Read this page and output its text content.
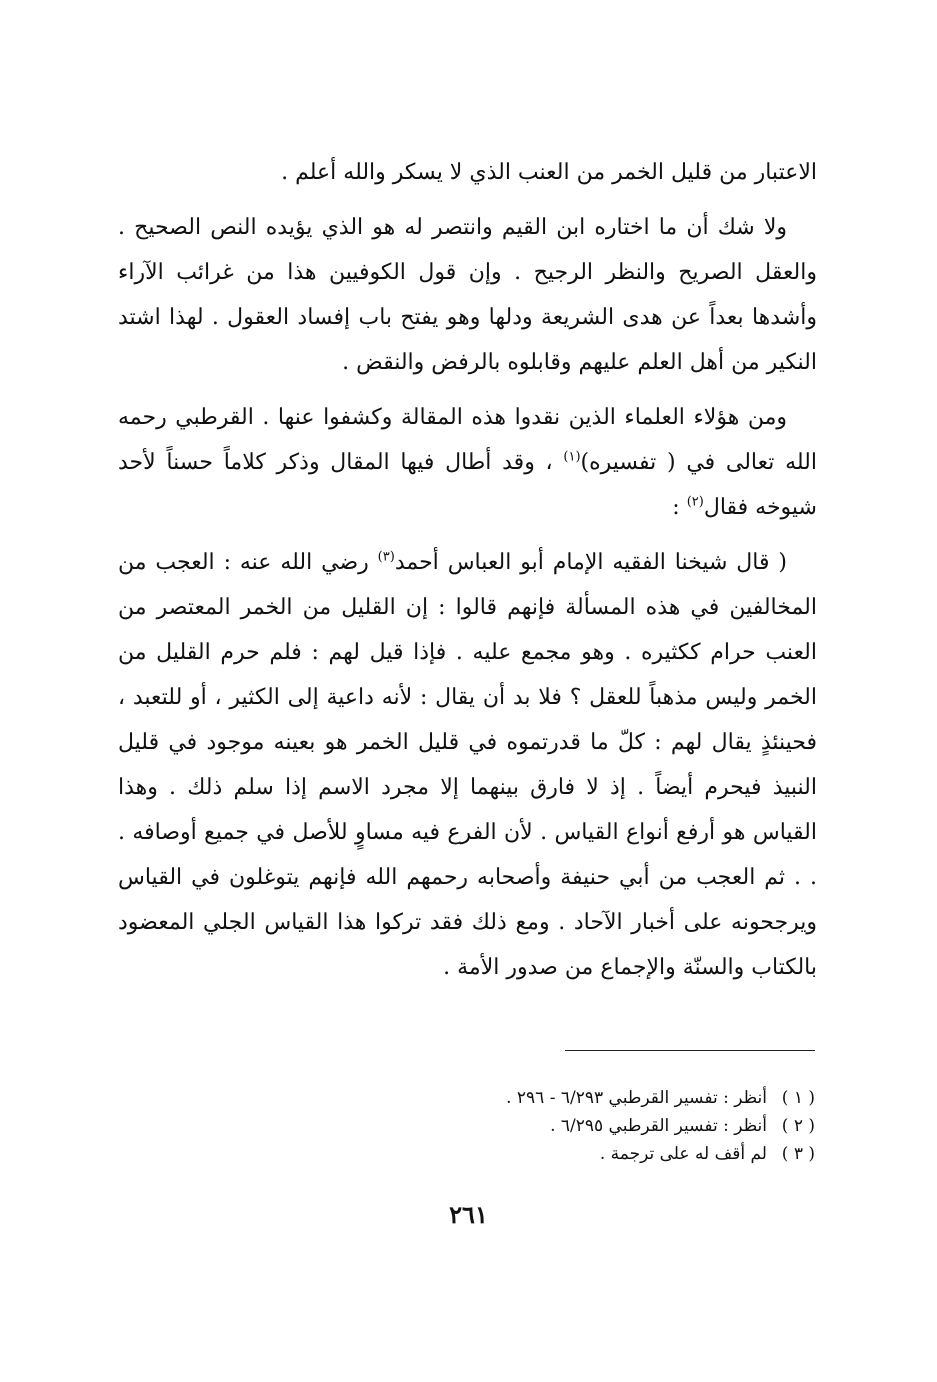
الاعتبار من قليل الخمر من العنب الذي لا يسكر والله أعلم .

ولا شك أن ما اختاره ابن القيم وانتصر له هو الذي يؤيده النص الصحيح . والعقل الصريح والنظر الرجيح . وإن قول الكوفيين هذا من غرائب الآراء وأشدها بعداً عن هدى الشريعة ودلها وهو يفتح باب إفساد العقول . لهذا اشتد النكير من أهل العلم عليهم وقابلوه بالرفض والنقض .

ومن هؤلاء العلماء الذين نقدوا هذه المقالة وكشفوا عنها . القرطبي رحمه الله تعالى في ( تفسيره)$^{(١)}$ ، وقد أطال فيها المقال وذكر كلاماً حسناً لأحد شيوخه فقال$^{(٢)}$ :

( قال شيخنا الفقيه الإمام أبو العباس أحمد$^{(٣)}$ رضي الله عنه : العجب من المخالفين في هذه المسألة فإنهم قالوا : إن القليل من الخمر المعتصر من العنب حرام ككثيره . وهو مجمع عليه . فإذا قيل لهم : فلم حرم القليل من الخمر وليس مذهباً للعقل ؟ فلا بد أن يقال : لأنه داعية إلى الكثير ، أو للتعبد ، فحينئذٍ يقال لهم : كلّ ما قدرتموه في قليل الخمر هو بعينه موجود في قليل النبيذ فيحرم أيضاً . إذ لا فارق بينهما إلا مجرد الاسم إذا سلم ذلك . وهذا القياس هو أرفع أنواع القياس . لأن الفرع فيه مساوٍ للأصل في جميع أوصافه . . . ثم العجب من أبي حنيفة وأصحابه رحمهم الله فإنهم يتوغلون في القياس ويرجحونه على أخبار الآحاد . ومع ذلك فقد تركوا هذا القياس الجلي المعضود بالكتاب والسنّة والإجماع من صدور الأمة .

( ١ )
أنظر : تفسير القرطبي ٦/٢٩٣ - ٢٩٦ .
( ٢ )
أنظر : تفسير القرطبي ٦/٢٩٥ .
( ٣ )
لم أقف له على ترجمة .
٢٦١
